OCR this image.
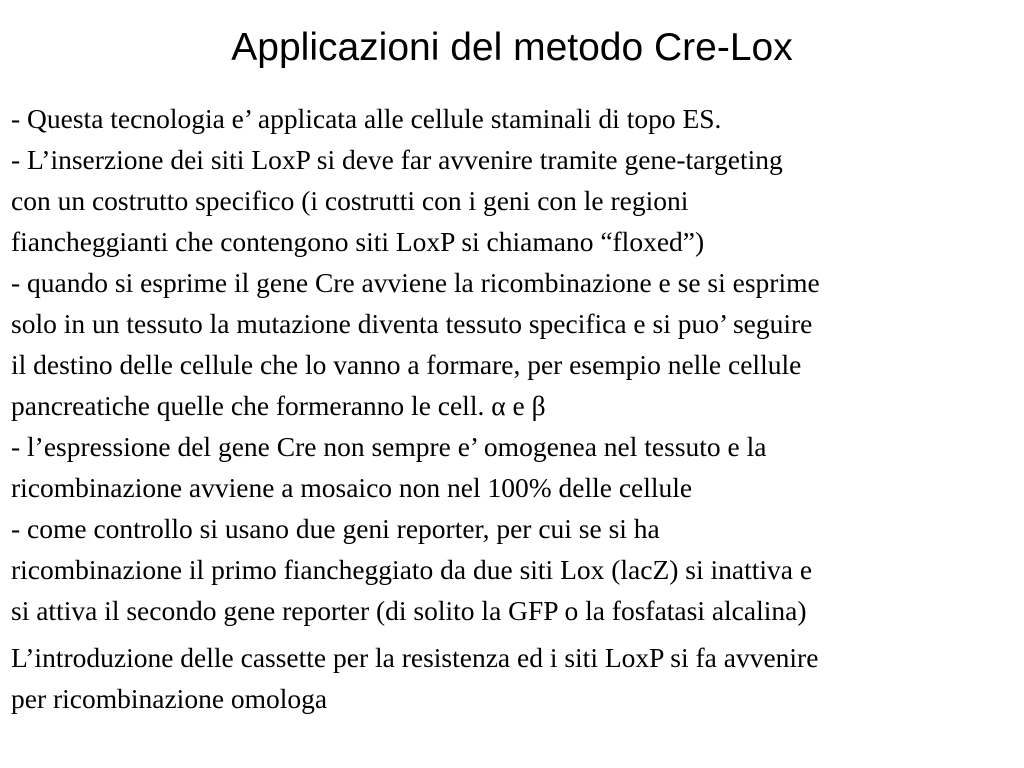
Applicazioni del metodo Cre-Lox

- Questa tecnologia e’ applicata alle cellule staminali di topo ES.
- L’inserzione dei siti LoxP si deve far avvenire tramite gene-targeting
con un costrutto specifico (i costrutti con i geni con le regioni
fiancheggianti che contengono siti LoxP si chiamano “floxed”)
- quando si esprime il gene Cre avviene la ricombinazione e se si esprime
solo in un tessuto la mutazione diventa tessuto specifica e si puo’ seguire
il destino delle cellule che lo vanno a formare, per esempio nelle cellule
pancreatiche quelle che formeranno le cell. α e β
- l’espressione del gene Cre non sempre e’ omogenea nel tessuto e la
ricombinazione avviene a mosaico non nel 100% delle cellule
- come controllo si usano due geni reporter, per cui se si ha
ricombinazione il primo fiancheggiato da due siti Lox (lacZ) si inattiva e
si attiva il secondo gene reporter (di solito la GFP o la fosfatasi alcalina)

L’introduzione delle cassette per la resistenza ed i siti LoxP si fa avvenire
per ricombinazione omologa
